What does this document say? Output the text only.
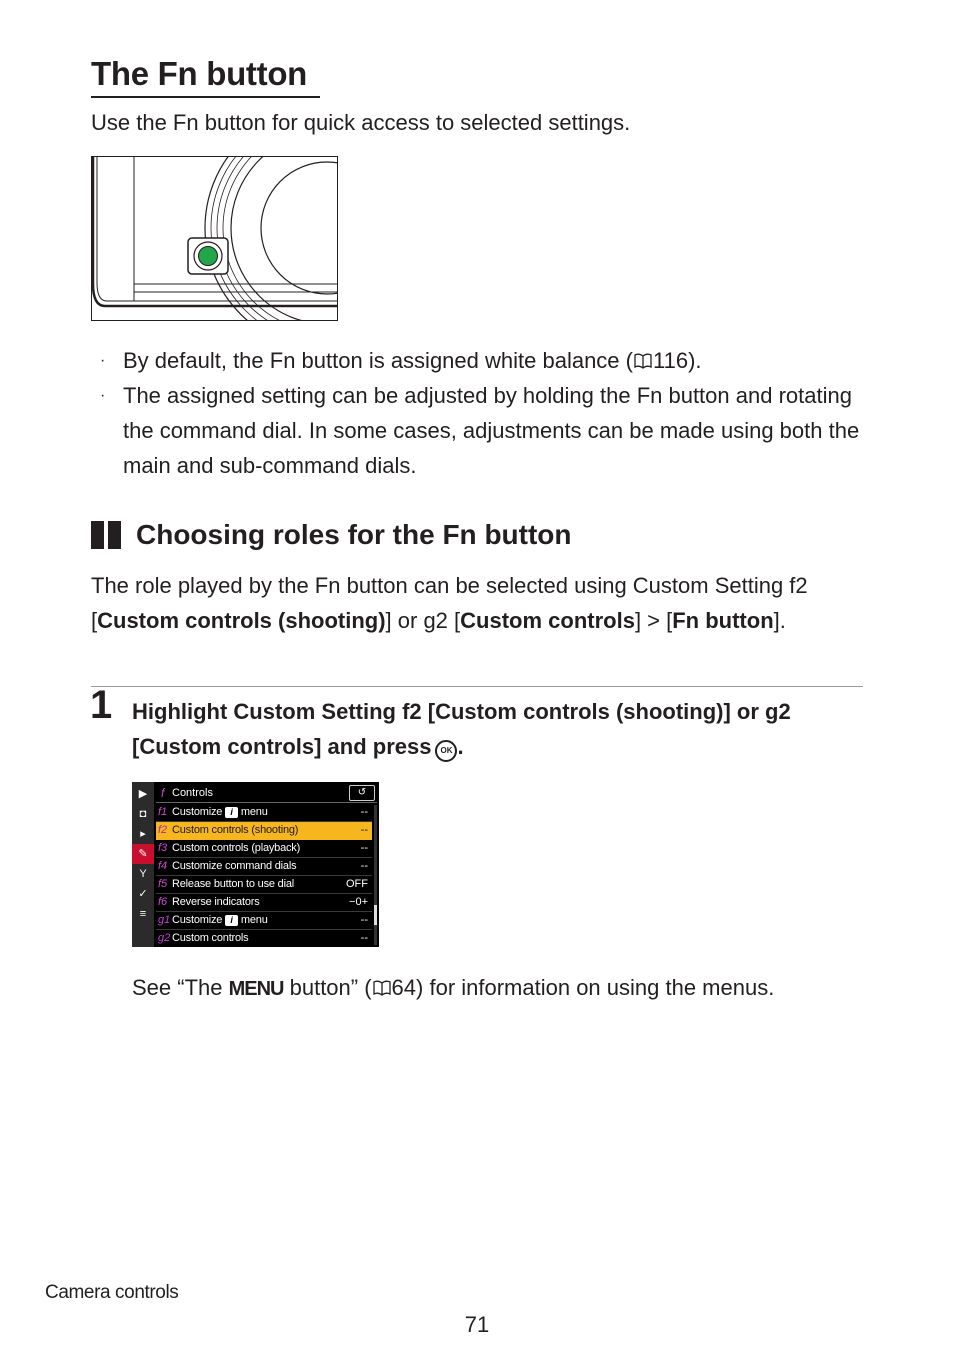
The Fn button
Use the Fn button for quick access to selected settings.
· By default, the Fn button is assigned white balance ( 116).
· The assigned setting can be adjusted by holding the Fn button and rotating the command dial. In some cases, adjustments can be made using both the main and sub-command dials.
Choosing roles for the Fn button
The role played by the Fn button can be selected using Custom Setting f2 [Custom controls (shooting)] or g2 [Custom controls] > [Fn button].
1 Highlight Custom Setting f2 [Custom controls (shooting)] or g2 [Custom controls] and press OK .
▶
◘
▸
✎
Y
✓
≡
f Controls	↺
f1 Customize i menu	--
f2 Custom controls (shooting)	--
f3 Custom controls (playback)	--
f4 Customize command dials	--
f5 Release button to use dial	OFF
f6 Reverse indicators	−0+
g1 Customize i menu	--
g2 Custom controls	--
See “The MENU button” ( 64) for information on using the menus.
Camera controls
71
